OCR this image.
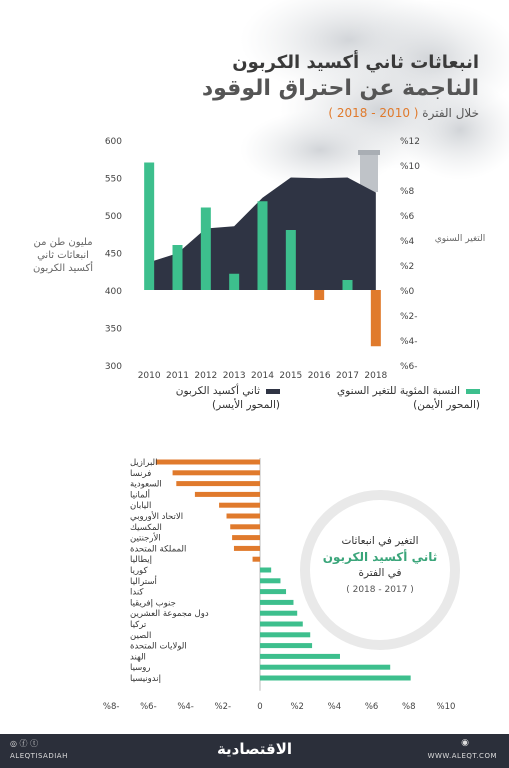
انبعاثات ثاني أكسيد الكربون
الناجمة عن احتراق الوقود
خلال الفترة ( 2010 - 2018 )
600
550
500
450
400
350
300
%12
%10
%8
%6
%4
%2
%0
%2-
%4-
%6-
2010 2011 2012 2013 2014 2015 2016 2017 2018
مليون طن من انبعاثات ثاني أكسيد الكربون
التغير السنوي
النسبة المئوية للتغير السنوي
(المحور الأيمن)
ثاني أكسيد الكربون
(المحور الأيسر)
البرازيل
فرنسا
السعودية
ألمانيا
اليابان
الاتحاد الأوروبي
المكسيك
الأرجنتين
المملكة المتحدة
إيطاليا
كوريا
أستراليا
كندا
جنوب إفريقيا
دول مجموعة العشرين
تركيا
الصين
الولايات المتحدة
الهند
روسيا
إندونيسيا
%10
%8
%6
%4
%2
0
%2-
%4-
%6-
%8-
التغير في انبعاثات
ثاني أكسيد الكربون
في الفترة
( 2017 - 2018 )
◎ ⓕ ⓣ
ALEQTISADIAH	الاقتصادية	◉
WWW.ALEQT.COM
